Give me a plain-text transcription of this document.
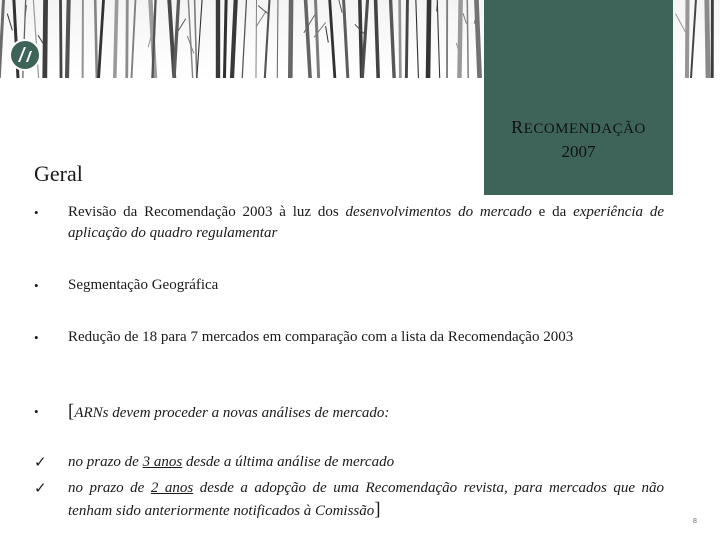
RECOMENDAÇÃO
2007
Geral
•	Revisão da Recomendação 2003 à luz dos desenvolvimentos do mercado e da experiência de aplicação do quadro regulamentar
•	Segmentação Geográfica
•	Redução de 18 para 7 mercados em comparação com a lista da Recomendação 2003
•	[ARNs devem proceder a novas análises de mercado:
✓	no prazo de 3 anos desde a última análise de mercado
✓	no prazo de 2 anos desde a adopção de uma Recomendação revista, para mercados que não tenham sido anteriormente notificados à Comissão]
8
